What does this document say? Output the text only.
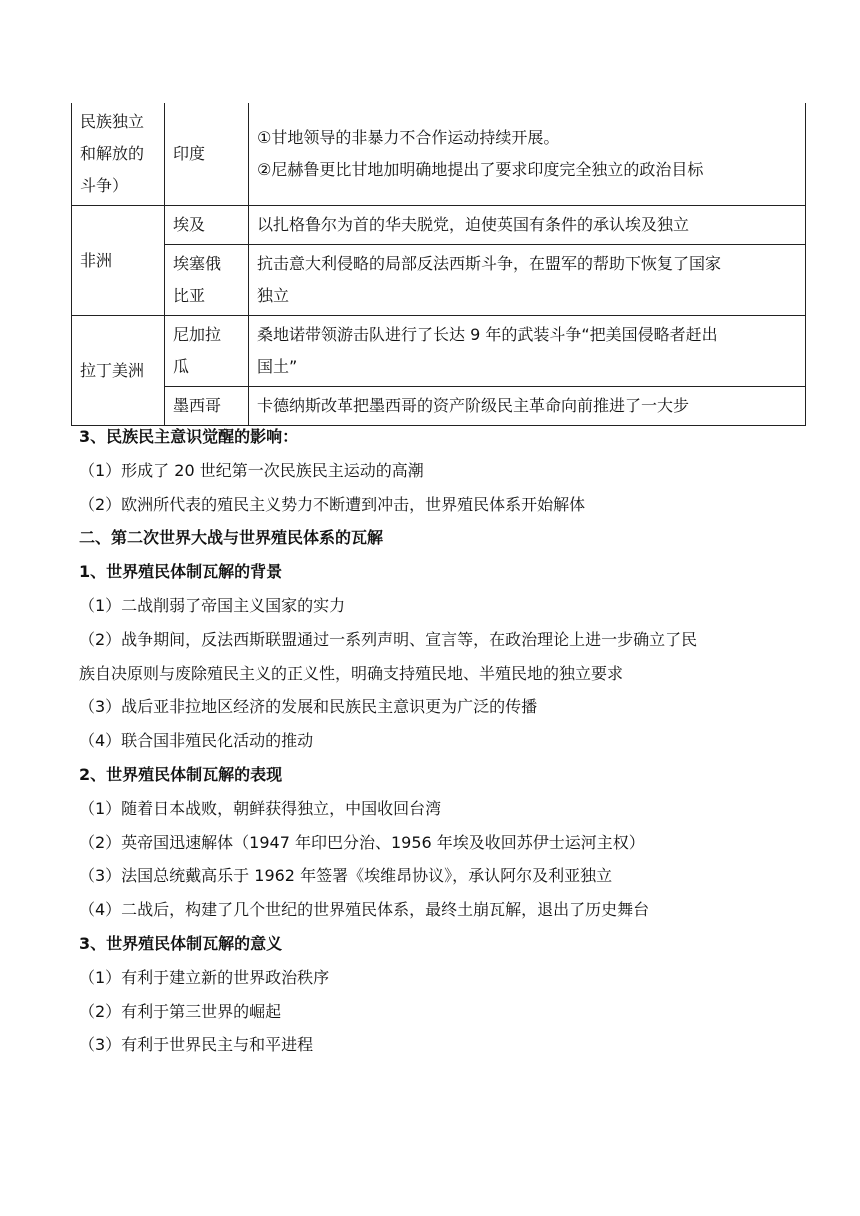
民族独立
和解放的
斗争）	印度	①甘地领导的非暴力不合作运动持续开展。
②尼赫鲁更比甘地加明确地提出了要求印度完全独立的政治目标

非洲	埃及	以扎格鲁尔为首的华夫脱党，迫使英国有条件的承认埃及独立

	埃塞俄
比亚	抗击意大利侵略的局部反法西斯斗争，在盟军的帮助下恢复了国家
独立

拉丁美洲	尼加拉
瓜	桑地诺带领游击队进行了长达 9 年的武装斗争“把美国侵略者赶出
国土”

	墨西哥	卡德纳斯改革把墨西哥的资产阶级民主革命向前推进了一大步
3、民族民主意识觉醒的影响：
（1）形成了 20 世纪第一次民族民主运动的高潮
（2）欧洲所代表的殖民主义势力不断遭到冲击，世界殖民体系开始解体
二、第二次世界大战与世界殖民体系的瓦解
1、世界殖民体制瓦解的背景
（1）二战削弱了帝国主义国家的实力
（2）战争期间，反法西斯联盟通过一系列声明、宣言等，在政治理论上进一步确立了民
族自决原则与废除殖民主义的正义性，明确支持殖民地、半殖民地的独立要求
（3）战后亚非拉地区经济的发展和民族民主意识更为广泛的传播
（4）联合国非殖民化活动的推动
2、世界殖民体制瓦解的表现
（1）随着日本战败，朝鲜获得独立，中国收回台湾
（2）英帝国迅速解体（1947 年印巴分治、1956 年埃及收回苏伊士运河主权）
（3）法国总统戴高乐于 1962 年签署《埃维昂协议》，承认阿尔及利亚独立
（4）二战后，构建了几个世纪的世界殖民体系，最终土崩瓦解，退出了历史舞台
3、世界殖民体制瓦解的意义
（1）有利于建立新的世界政治秩序
（2）有利于第三世界的崛起
（3）有利于世界民主与和平进程
